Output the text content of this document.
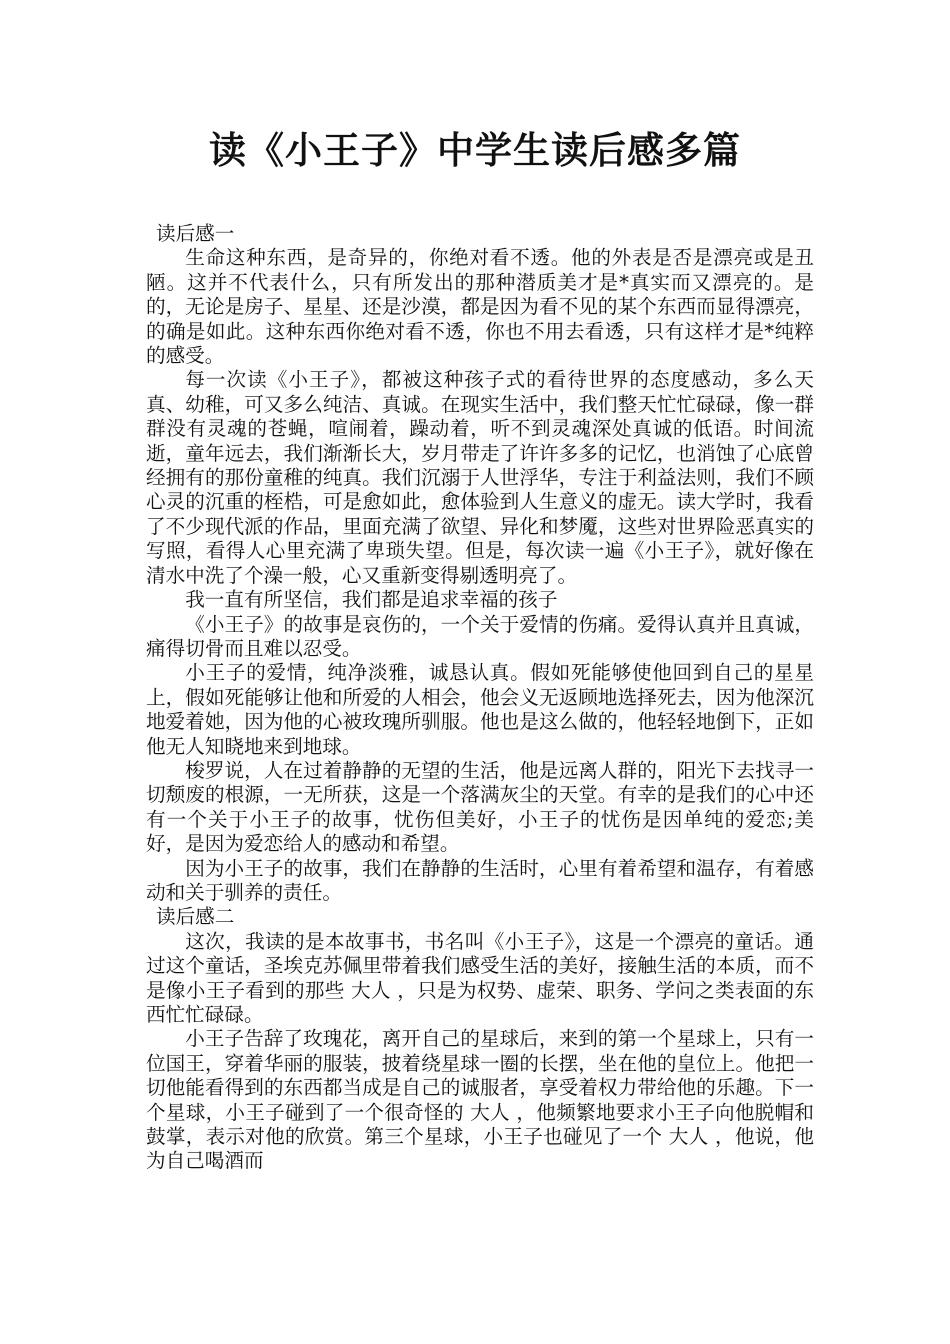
读《小王子》中学生读后感多篇

读后感一

生命这种东西，是奇异的，你绝对看不透。他的外表是否是漂亮或是丑陋。这并不代表什么，只有所发出的那种潜质美才是*真实而又漂亮的。是的，无论是房子、星星、还是沙漠，都是因为看不见的某个东西而显得漂亮，的确是如此。这种东西你绝对看不透，你也不用去看透，只有这样才是*纯粹的感受。

每一次读《小王子》，都被这种孩子式的看待世界的态度感动，多么天真、幼稚，可又多么纯洁、真诚。在现实生活中，我们整天忙忙碌碌，像一群群没有灵魂的苍蝇，喧闹着，躁动着，听不到灵魂深处真诚的低语。时间流逝，童年远去，我们渐渐长大，岁月带走了许许多多的记忆，也消蚀了心底曾经拥有的那份童稚的纯真。我们沉溺于人世浮华，专注于利益法则，我们不顾心灵的沉重的桎梏，可是愈如此，愈体验到人生意义的虚无。读大学时，我看了不少现代派的作品，里面充满了欲望、异化和梦魇，这些对世界险恶真实的写照，看得人心里充满了卑琐失望。但是，每次读一遍《小王子》，就好像在清水中洗了个澡一般，心又重新变得剔透明亮了。

我一直有所坚信，我们都是追求幸福的孩子

《小王子》的故事是哀伤的，一个关于爱情的伤痛。爱得认真并且真诚，痛得切骨而且难以忍受。

小王子的爱情，纯净淡雅，诚恳认真。假如死能够使他回到自己的星星上，假如死能够让他和所爱的人相会，他会义无返顾地选择死去，因为他深沉地爱着她，因为他的心被玫瑰所驯服。他也是这么做的，他轻轻地倒下，正如他无人知晓地来到地球。

梭罗说，人在过着静静的无望的生活，他是远离人群的，阳光下去找寻一切颓废的根源，一无所获，这是一个落满灰尘的天堂。有幸的是我们的心中还有一个关于小王子的故事，忧伤但美好，小王子的忧伤是因单纯的爱恋;美好，是因为爱恋给人的感动和希望。

因为小王子的故事，我们在静静的生活时，心里有着希望和温存，有着感动和关于驯养的责任。

读后感二

这次，我读的是本故事书，书名叫《小王子》，这是一个漂亮的童话。通过这个童话，圣埃克苏佩里带着我们感受生活的美好，接触生活的本质，而不是像小王子看到的那些 大人 ，只是为权势、虚荣、职务、学问之类表面的东西忙忙碌碌。

小王子告辞了玫瑰花，离开自己的星球后，来到的第一个星球上，只有一位国王，穿着华丽的服装，披着绕星球一圈的长摆，坐在他的皇位上。他把一切他能看得到的东西都当成是自己的诚服者，享受着权力带给他的乐趣。下一个星球，小王子碰到了一个很奇怪的 大人 ，他频繁地要求小王子向他脱帽和鼓掌，表示对他的欣赏。第三个星球，小王子也碰见了一个 大人 ，他说，他为自己喝酒而
